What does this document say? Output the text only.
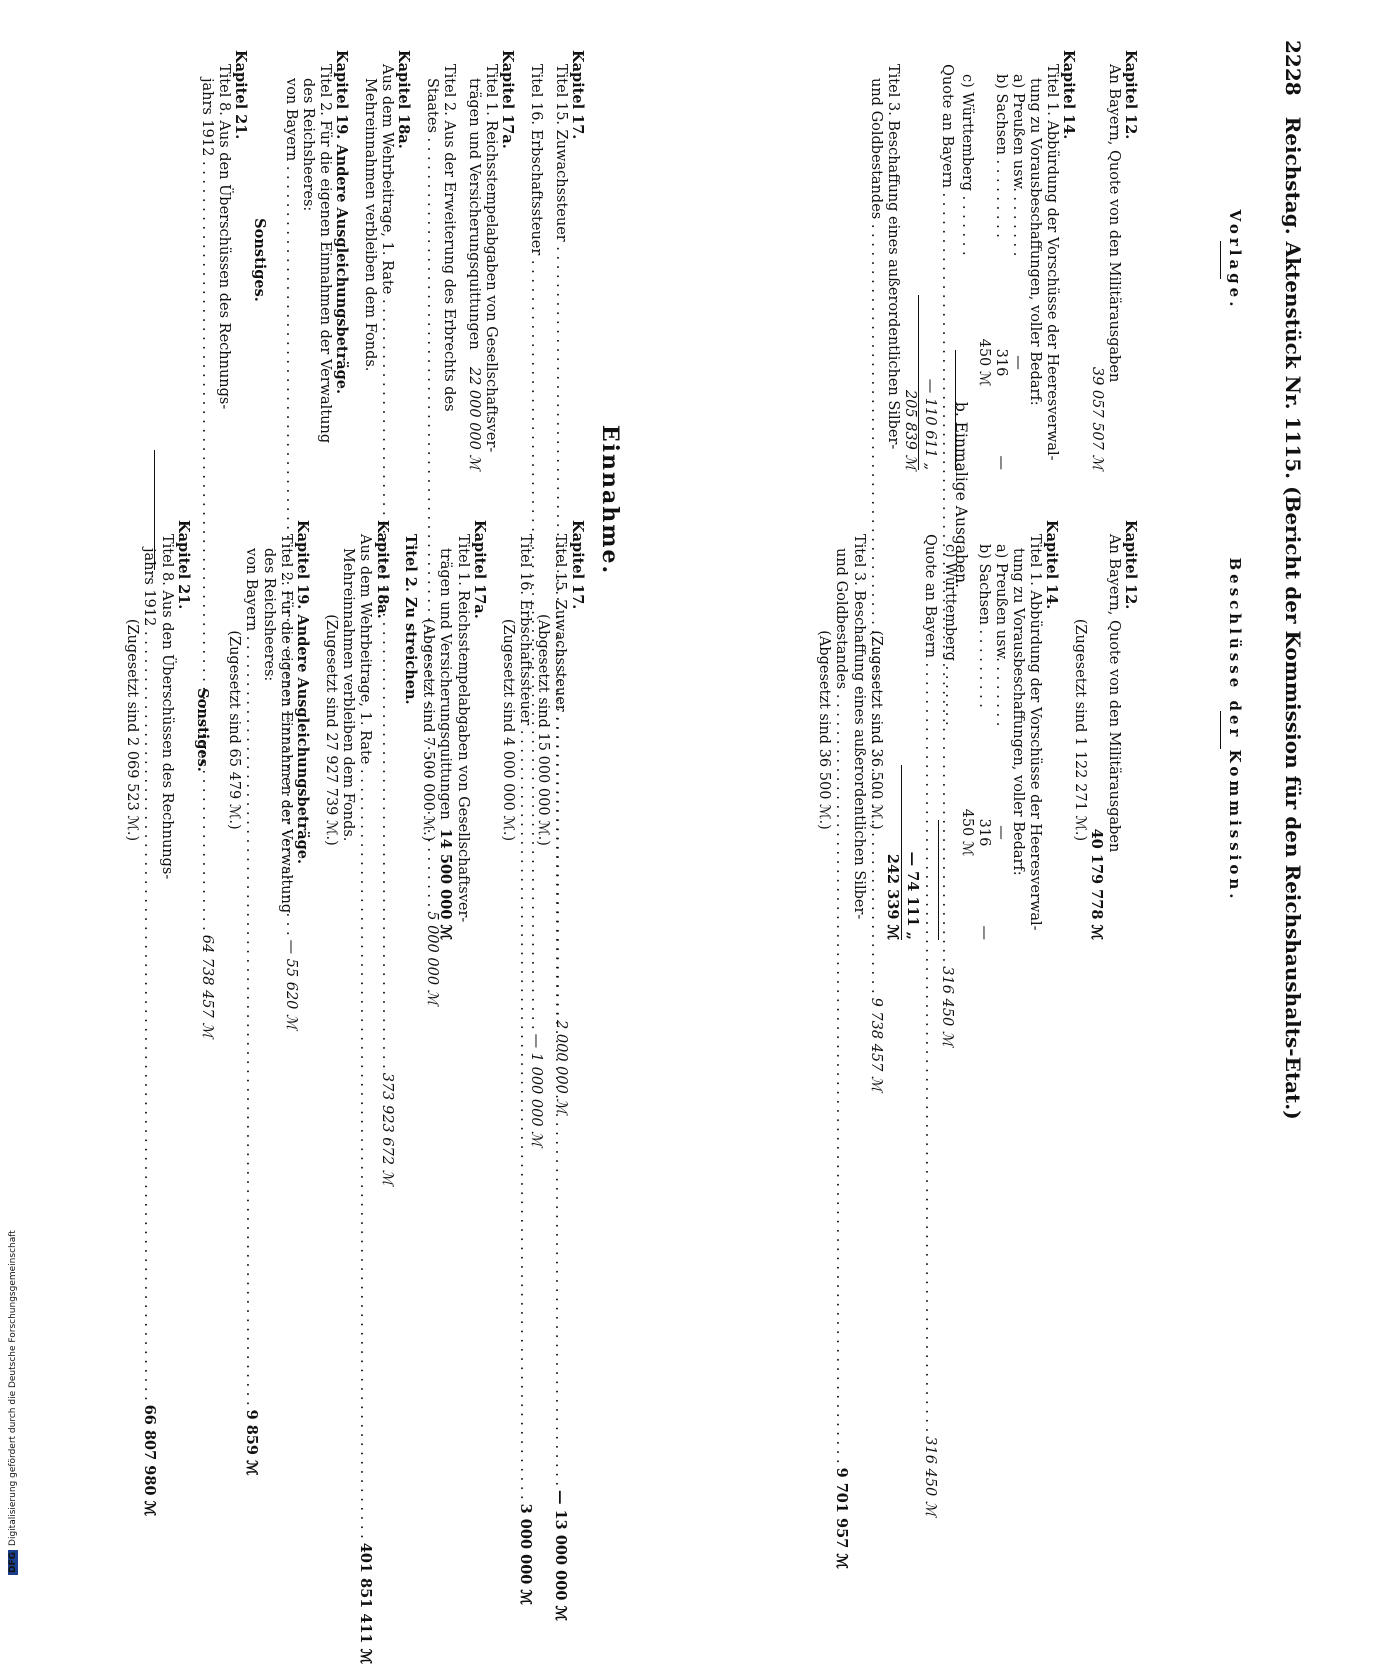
2228 Reichstag. Aktenstück Nr. 1115. (Bericht der Kommission für den Reichshaushalts-Etat.)
Vorlage.
Kapitel 12.
An Bayern, Quote von den Militärausgaben
39 057 507 ℳ
Kapitel 14.
Titel 1. Abbürdung der Vorschüsse der Heeresverwal-
tung zu Vorausbeschaffungen, voller Bedarf:
a) Preußen usw. . . . . . . .
—
b) Sachsen . . . . . . . . .
316 450 ℳ
—
c) Württemberg . . . . . . .
Quote an Bayern . . .
316 450 ℳ
— 110 611 „
205 839 ℳ
Titel 3. Beschaffung eines außerordentlichen Silber-
und Goldbestandes . . .
9 738 457 ℳ
Beschlüsse der Kommission.
Kapitel 12.
An Bayern, Quote von den Militärausgaben
40 179 778 ℳ
(Zugesetzt sind 1 122 271 ℳ.)
Kapitel 14.
Titel 1. Abbürdung der Vorschüsse der Heeresverwal-
tung zu Vorausbeschaffungen, voller Bedarf:
a) Preußen usw. . . . . . . .
—
b) Sachsen . . . . . . . . .
316 450 ℳ
—
c) Württemberg . . . . . . .
Quote an Bayern . . .
316 450 ℳ
— 74 111 „
242 339 ℳ
(Zugesetzt sind 36 500 ℳ.)
Titel 3. Beschaffung eines außerordentlichen Silber-
und Goldbestandes . . .
9 701 957 ℳ
(Abgesetzt sind 36 500 ℳ.)
b. Einmalige Ausgaben.
Einnahme.
Kapitel 17.
Titel 15. Zuwachssteuer . . .
2 000 000 ℳ
Titel 16. Erbschaftssteuer . . .
— 1 000 000 ℳ
Kapitel 17a.
Titel 1. Reichsstempelabgaben von Gesellschaftsver-
trägen und Versicherungsquittungen
22 000 000 ℳ
Titel 2. Aus der Erweiterung des Erbrechts des
Staates . . .
5 000 000 ℳ
Kapitel 18a.
Aus dem Wehrbeitrage, 1. Rate . . .
373 923 672 ℳ
Mehreinnahmen verbleiben dem Fonds.
Kapitel 19. Andere Ausgleichungsbeträge.
Titel 2. Für die eigenen Einnahmen der Verwaltung
des Reichsheeres:
von Bayern . . .
— 55 620 ℳ
Sonstiges.
Kapitel 21.
Titel 8. Aus den Überschüssen des Rechnungs-
jahrs 1912 . . .
64 738 457 ℳ
Kapitel 17.
Titel 15. Zuwachssteuer . . .
— 13 000 000 ℳ
(Abgesetzt sind 15 000 000 ℳ.)
Titel 16. Erbschaftssteuer . . .
3 000 000 ℳ
(Zugesetzt sind 4 000 000 ℳ.)
Kapitel 17a.
Titel 1. Reichsstempelabgaben von Gesellschaftsver-
trägen und Versicherungsquittungen
14 500 000 ℳ
(Abgesetzt sind 7 500 000 ℳ.)
Titel 2. Zu streichen.
Kapitel 18a.
Aus dem Wehrbeitrage, 1. Rate . . .
401 851 411 ℳ
Mehreinnahmen verbleiben dem Fonds.
(Zugesetzt sind 27 927 739 ℳ.)
Kapitel 19. Andere Ausgleichungsbeträge.
Titel 2. Für die eigenen Einnahmen der Verwaltung
des Reichsheeres:
von Bayern . . .
9 859 ℳ
(Zugesetzt sind 65 479 ℳ.)
Sonstiges.
Kapitel 21.
Titel 8. Aus den Überschüssen des Rechnungs-
jahrs 1912 . . .
66 807 980 ℳ
(Zugesetzt sind 2 069 523 ℳ.)
DFGDigitalisierung gefördert durch die Deutsche Forschungsgemeinschaft
